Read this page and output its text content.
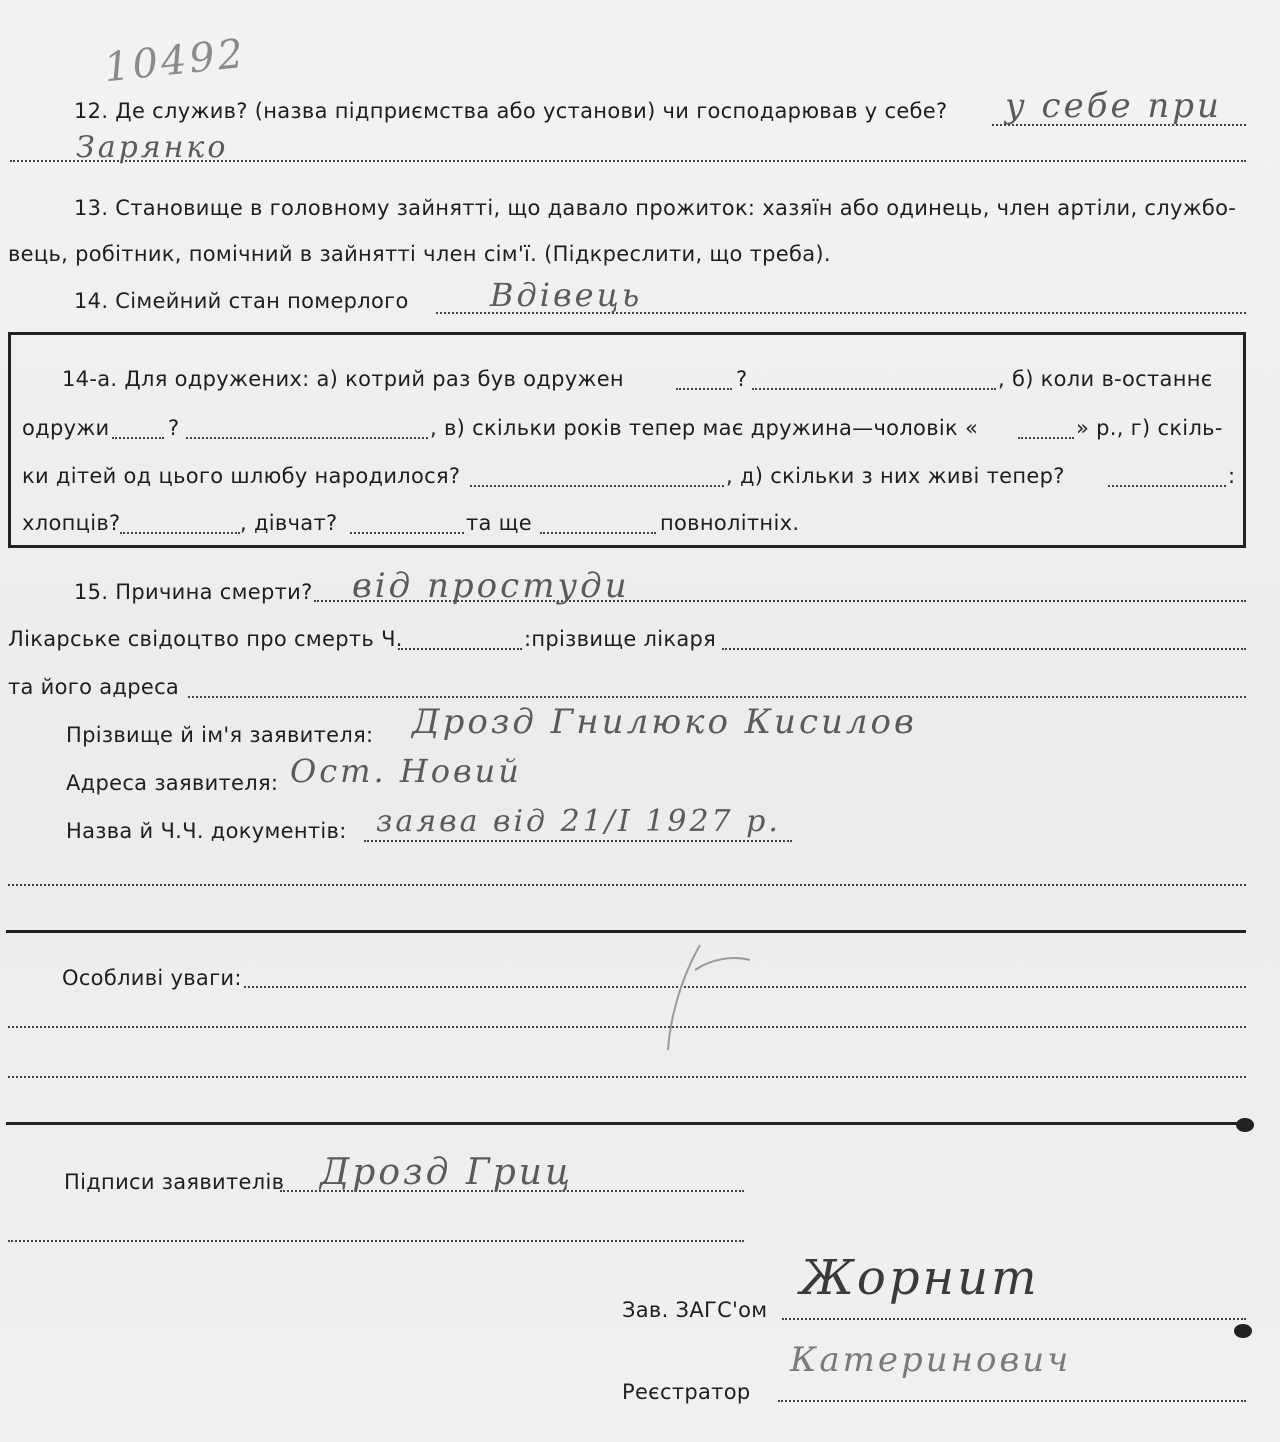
10492
12. Де служив? (назва підприємства або установи) чи господарював у себе? у себе при
Зарянко
13. Становище в головному зайнятті, що давало прожиток: хазяїн або одинець, член артіли, службо-
вець, робітник, помічний в зайнятті член сім'ї. (Підкреслити, що треба).
14. Сімейний стан померлого	Вдівець
14-а. Для одружених: а) котрий раз був одружен	?	, б) коли в-останнє
одружи	?	, в) скільки років тепер має дружина—чоловік «	» р., г) скіль-
ки дітей од цього шлюбу народилося?	, д) скільки з них живі тепер?	:
хлопців?	, дівчат?	та ще	повнолітніх.
15. Причина смерти? від простуди
Лікарське свідоцтво про смерть Ч.	:прізвище лікаря
та його адреса
Прізвище й ім'я заявителя: Дрозд Гнилюко Кисилов
Адреса заявителя: Ост. Новий
Назва й Ч.Ч. документів: заява від 21/І 1927 р.
Особливі уваги:
Підписи заявителів Дрозд Гриц
Зав. ЗАГС'ом
Жорнит
Реєстратор
Катеринович
